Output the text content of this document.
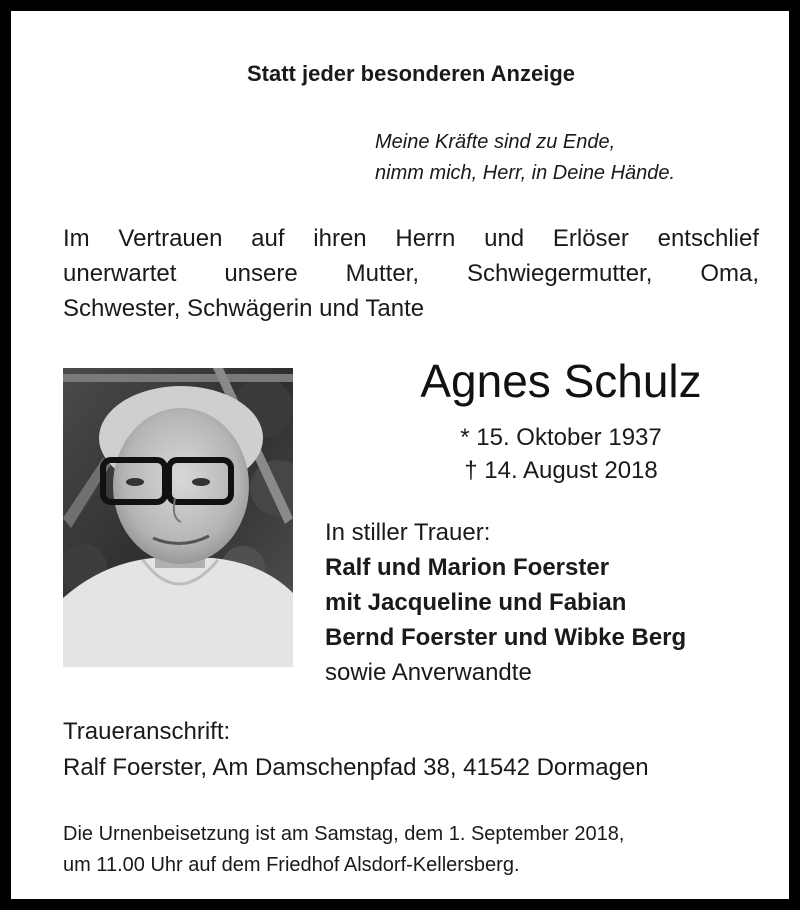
Statt jeder besonderen Anzeige
Meine Kräfte sind zu Ende,
nimm mich, Herr, in Deine Hände.
Im Vertrauen auf ihren Herrn und Erlöser entschlief
unerwartet unsere Mutter, Schwiegermutter, Oma,
Schwester, Schwägerin und Tante
Agnes Schulz
* 15. Oktober 1937
† 14. August 2018
In stiller Trauer:
Ralf und Marion Foerster
mit Jacqueline und Fabian
Bernd Foerster und Wibke Berg
sowie Anverwandte
Traueranschrift:
Ralf Foerster, Am Damschenpfad 38, 41542 Dormagen
Die Urnenbeisetzung ist am Samstag, dem 1. September 2018,
um 11.00 Uhr auf dem Friedhof Alsdorf-Kellersberg.
